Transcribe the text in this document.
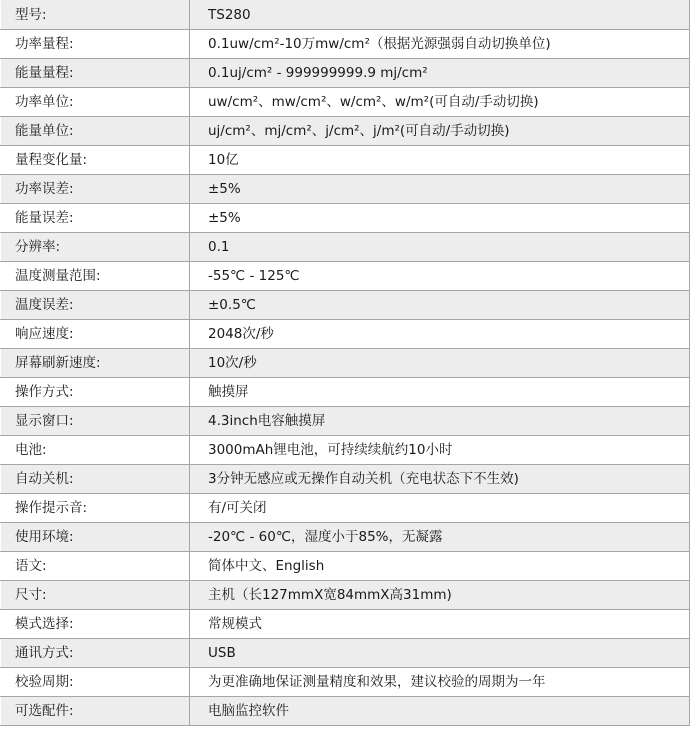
型号:	TS280
功率量程:	0.1uw/cm²-10万mw/cm²（根据光源强弱自动切换单位)
能量量程:	0.1uj/cm² - 999999999.9 mj/cm²
功率单位:	uw/cm²、mw/cm²、w/cm²、w/m²(可自动/手动切换)
能量单位:	uj/cm²、mj/cm²、j/cm²、j/m²(可自动/手动切换)
量程变化量:	10亿
功率误差:	±5%
能量误差:	±5%
分辨率:	0.1
温度测量范围:	-55℃ - 125℃
温度误差:	±0.5℃
响应速度:	2048次/秒
屏幕刷新速度:	10次/秒
操作方式:	触摸屏
显示窗口:	4.3inch电容触摸屏
电池:	3000mAh锂电池，可持续续航约10小时
自动关机:	3分钟无感应或无操作自动关机（充电状态下不生效)
操作提示音:	有/可关闭
使用环境:	-20℃ - 60℃，湿度小于85%，无凝露
语文:	简体中文、English
尺寸:	主机（长127mmX宽84mmX高31mm)
模式选择:	常规模式
通讯方式:	USB
校验周期:	为更准确地保证测量精度和效果，建议校验的周期为一年
可选配件:	电脑监控软件
